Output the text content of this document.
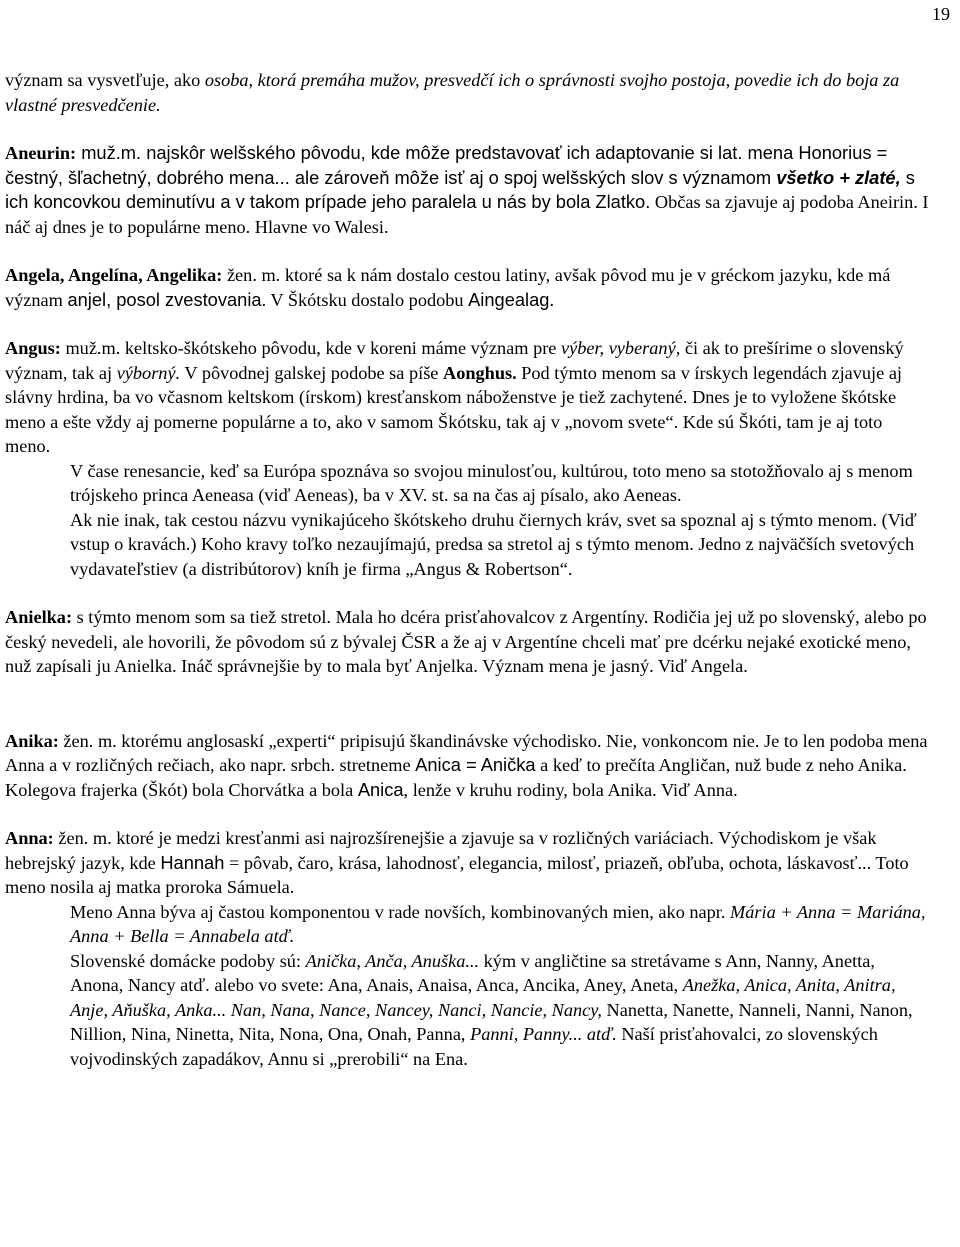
19

význam sa vysvetľuje, ako osoba, ktorá premáha mužov, presvedčí ich o správnosti svojho postoja, povedie ich do boja za vlastné presvedčenie.

Aneurin: muž.m. najskôr welšského pôvodu, kde môže predstavovať ich adaptovanie si lat. mena Honorius = čestný, šľachetný, dobrého mena... ale zároveň môže isť aj o spoj welšských slov s významom všetko + zlaté, s ich koncovkou deminutívu a v takom prípade jeho paralela u nás by bola Zlatko. Občas sa zjavuje aj podoba Aneirin. I náč aj dnes je to populárne meno. Hlavne vo Walesi.

Angela, Angelína, Angelika: žen. m. ktoré sa k nám dostalo cestou latiny, avšak pôvod mu je v gréckom jazyku, kde má význam anjel, posol zvestovania. V Škótsku dostalo podobu Aingealag.

Angus: muž.m. keltsko-škótskeho pôvodu, kde v koreni máme význam pre výber, vyberaný, či ak to prešírime o slovenský význam, tak aj výborný. V pôvodnej galskej podobe sa píše Aonghus. Pod týmto menom sa v írskych legendách zjavuje aj slávny hrdina, ba vo včasnom keltskom (írskom) kresťanskom náboženstve je tiež zachytené. Dnes je to vyložene škótske meno a ešte vždy aj pomerne populárne a to, ako v samom Škótsku, tak aj v „novom svete“. Kde sú Škóti, tam je aj toto meno.

V čase renesancie, keď sa Európa spoznáva so svojou minulosťou, kultúrou, toto meno sa stotožňovalo aj s menom trójskeho princa Aeneasa (viď Aeneas), ba v XV. st. sa na čas aj písalo, ako Aeneas.

Ak nie inak, tak cestou názvu vynikajúceho škótskeho druhu čiernych kráv, svet sa spoznal aj s týmto menom. (Viď vstup o kravách.) Koho kravy toľko nezaujímajú, predsa sa stretol aj s týmto menom. Jedno z najväčších svetových vydavateľstiev (a distribútorov) kníh je firma „Angus & Robertson“.

Anielka: s týmto menom som sa tiež stretol. Mala ho dcéra prisťahovalcov z Argentíny. Rodičia jej už po slovenský, alebo po český nevedeli, ale hovorili, že pôvodom sú z bývalej ČSR a že aj v Argentíne chceli mať pre dcérku nejaké exotické meno, nuž zapísali ju Anielka. Ináč správnejšie by to mala byť Anjelka. Význam mena je jasný. Viď Angela.

Anika: žen. m. ktorému anglosaskí „experti“ pripisujú škandinávske východisko. Nie, vonkoncom nie. Je to len podoba mena Anna a v rozličných rečiach, ako napr. srbch. stretneme Anica = Anička a keď to prečíta Angličan, nuž bude z neho Anika. Kolegova frajerka (Škót) bola Chorvátka a bola Anica, lenže v kruhu rodiny, bola Anika. Viď Anna.

Anna: žen. m. ktoré je medzi kresťanmi asi najrozšírenejšie a zjavuje sa v rozličných variáciach. Východiskom je však hebrejský jazyk, kde Hannah = pôvab, čaro, krása, lahodnosť, elegancia, milosť, priazeň, obľuba, ochota, láskavosť... Toto meno nosila aj matka proroka Sámuela.

Meno Anna býva aj častou komponentou v rade novších, kombinovaných mien, ako napr. Mária + Anna = Mariána, Anna + Bella = Annabela atď.

Slovenské domácke podoby sú: Anička, Anča, Anuška... kým v angličtine sa stretávame s Ann, Nanny, Anetta, Anona, Nancy atď. alebo vo svete: Ana, Anais, Anaisa, Anca, Ancika, Aney, Aneta, Anežka, Anica, Anita, Anitra, Anje, Aňuška, Anka... Nan, Nana, Nance, Nancey, Nanci, Nancie, Nancy, Nanetta, Nanette, Nanneli, Nanni, Nanon, Nillion, Nina, Ninetta, Nita, Nona, Ona, Onah, Panna, Panni, Panny... atď. Naší prisťahovalci, zo slovenských vojvodinských zapadákov, Annu si „prerobili“ na Ena.
